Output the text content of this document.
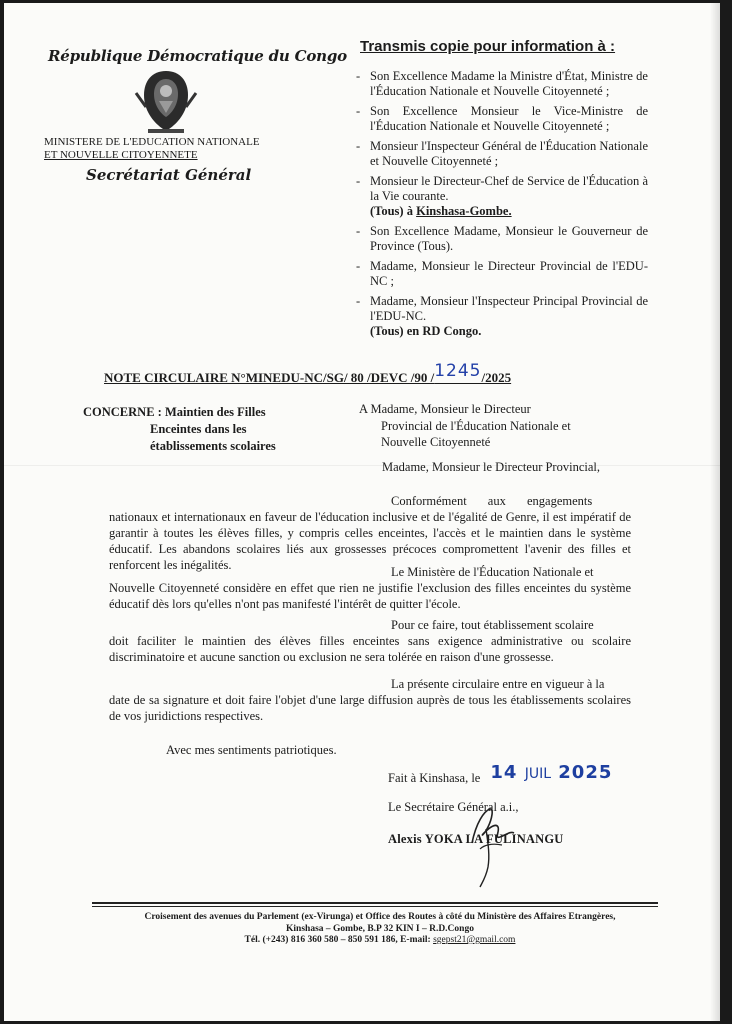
République Démocratique du Congo
MINISTERE DE L'EDUCATION NATIONALE
ET NOUVELLE CITOYENNETE
Secrétariat Général
Transmis copie pour information à :
- Son Excellence Madame la Ministre d'État, Ministre de l'Éducation Nationale et Nouvelle Citoyenneté ;
- Son Excellence Monsieur le Vice-Ministre de l'Éducation Nationale et Nouvelle Citoyenneté ;
- Monsieur l'Inspecteur Général de l'Éducation Nationale et Nouvelle Citoyenneté ;
- Monsieur le Directeur-Chef de Service de l'Éducation à la Vie courante.
(Tous) à Kinshasa-Gombe.
- Son Excellence Madame, Monsieur le Gouverneur de Province (Tous).
- Madame, Monsieur le Directeur Provincial de l'EDU-NC ;
- Madame, Monsieur l'Inspecteur Principal Provincial de l'EDU-NC.
(Tous) en RD Congo.
NOTE CIRCULAIRE N°MINEDU-NC/SG/ 80 /DEVC /90 /1245/2025
CONCERNE : Maintien des Filles
Enceintes dans les
établissements scolaires
A Madame, Monsieur le Directeur
Provincial de l'Éducation Nationale et
Nouvelle Citoyenneté
Madame, Monsieur le Directeur Provincial,
Conformément aux engagements
nationaux et internationaux en faveur de l'éducation inclusive et de l'égalité de Genre, il est impératif de garantir à toutes les élèves filles, y compris celles enceintes, l'accès et le maintien dans le système éducatif. Les abandons scolaires liés aux grossesses précoces compromettent l'avenir des filles et renforcent les inégalités.	Le Ministère de l'Éducation Nationale et
Nouvelle Citoyenneté considère en effet que rien ne justifie l'exclusion des filles enceintes du système éducatif dès lors qu'elles n'ont pas manifesté l'intérêt de quitter l'école.
Pour ce faire, tout établissement scolaire
doit faciliter le maintien des élèves filles enceintes sans exigence administrative ou scolaire discriminatoire et aucune sanction ou exclusion ne sera tolérée en raison d'une grossesse.
La présente circulaire entre en vigueur à la
date de sa signature et doit faire l'objet d'une large diffusion auprès de tous les établissements scolaires de vos juridictions respectives.
Avec mes sentiments patriotiques.
Fait à Kinshasa, le 14 JUIL 2025
Le Secrétaire Général a.i.,
Alexis YOKA LA FULINANGU
Croisement des avenues du Parlement (ex-Virunga) et Office des Routes à côté du Ministère des Affaires Etrangères,
Kinshasa – Gombe, B.P 32 KIN I – R.D.Congo
Tél. (+243) 816 360 580 – 850 591 186, E-mail: sgepst21@gmail.com
